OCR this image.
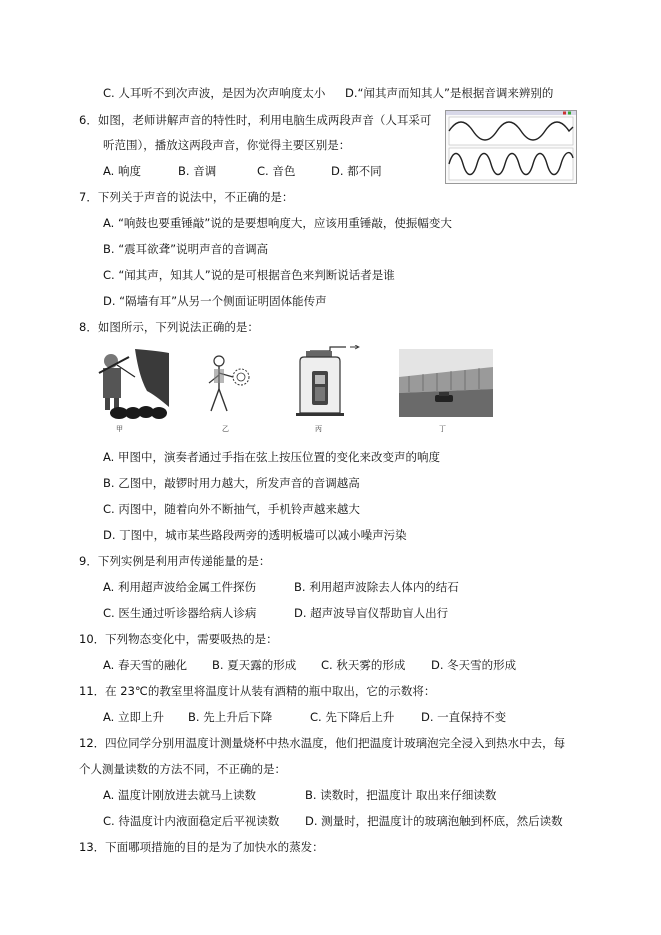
C. 人耳听不到次声波，是因为次声响度太小 D.“闻其声而知其人”是根据音调来辨别的
6．如图，老师讲解声音的特性时，利用电脑生成两段声音（人耳采可
听范围），播放这两段声音，你觉得主要区别是：
A. 响度	B. 音调	C. 音色	D. 都不同
7．下列关于声音的说法中，不正确的是：
A. “响鼓也要重锤敲”说的是要想响度大，应该用重锤敲，使振幅变大
B. “震耳欲聋”说明声音的音调高
C. “闻其声，知其人”说的是可根据音色来判断说话者是谁
D. “隔墙有耳”从另一个侧面证明固体能传声
8．如图所示，下列说法正确的是：
甲	乙	丙	丁
A. 甲图中，演奏者通过手指在弦上按压位置的变化来改变声的响度
B. 乙图中，敲锣时用力越大，所发声音的音调越高
C. 丙图中，随着向外不断抽气，手机铃声越来越大
D. 丁图中，城市某些路段两旁的透明板墙可以减小噪声污染
9．下列实例是利用声传递能量的是：
A. 利用超声波给金属工件探伤	B. 利用超声波除去人体内的结石
C. 医生通过听诊器给病人诊病	D. 超声波导盲仪帮助盲人出行
10．下列物态变化中，需要吸热的是：
A. 春天雪的融化 B. 夏天露的形成 C. 秋天雾的形成 D. 冬天雪的形成
11．在 23℃的教室里将温度计从装有酒精的瓶中取出，它的示数将：
A. 立即上升 B. 先上升后下降	C. 先下降后上升 D. 一直保持不变
12．四位同学分别用温度计测量烧杯中热水温度，他们把温度计玻璃泡完全浸入到热水中去，每
个人测量读数的方法不同，不正确的是：
A. 温度计刚放进去就马上读数	B. 读数时，把温度计 取出来仔细读数
C. 待温度计内液面稳定后平视读数 D. 测量时，把温度计的玻璃泡触到杯底，然后读数
13．下面哪项措施的目的是为了加快水的蒸发：
